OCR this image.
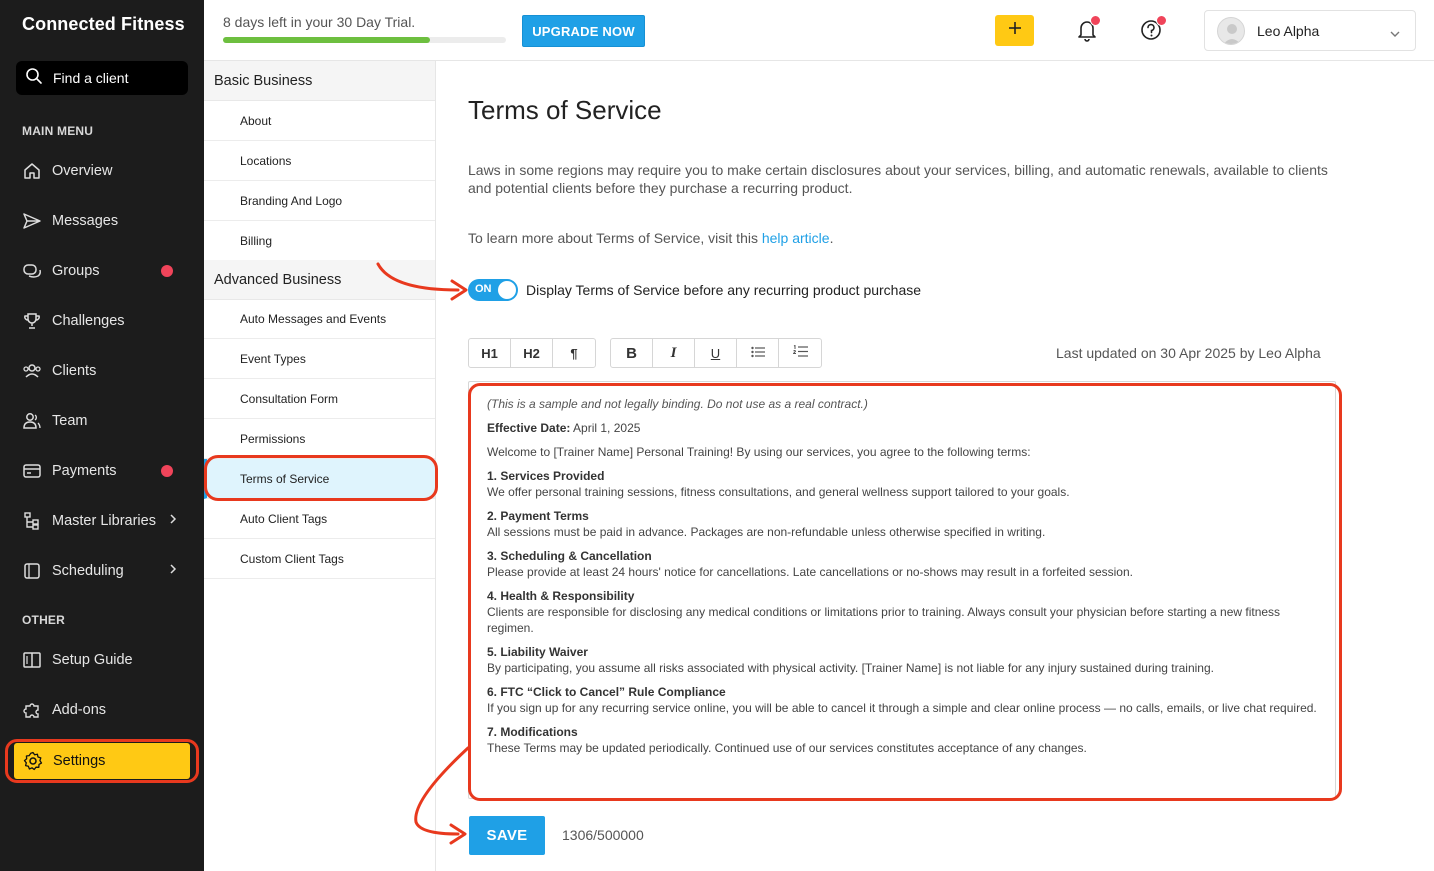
Connected Fitness
Find a client
MAIN MENU
Overview
Messages
Groups
Challenges
Clients
Team
Payments
Master Libraries
Scheduling
OTHER
Setup Guide
Add-ons
Settings
8 days left in your 30 Day Trial.
UPGRADE NOW	Leo Alpha
Basic Business
About
Locations
Branding And Logo
Billing
Advanced Business
Auto Messages and Events
Event Types
Consultation Form
Permissions
Terms of Service
Auto Client Tags
Custom Client Tags
Terms of Service

Laws in some regions may require you to make certain disclosures about your services, billing, and automatic renewals, available to clients and potential clients before they purchase a recurring product.

To learn more about Terms of Service, visit this help article.

ON Display Terms of Service before any recurring product purchase
H1	H2	¶	B	I	U	Last updated on 30 Apr 2025 by Leo Alpha

(This is a sample and not legally binding. Do not use as a real contract.)

Effective Date: April 1, 2025

Welcome to [Trainer Name] Personal Training! By using our services, you agree to the following terms:

1. Services Provided
We offer personal training sessions, fitness consultations, and general wellness support tailored to your goals.

2. Payment Terms
All sessions must be paid in advance. Packages are non-refundable unless otherwise specified in writing.

3. Scheduling & Cancellation
Please provide at least 24 hours' notice for cancellations. Late cancellations or no-shows may result in a forfeited session.

4. Health & Responsibility
Clients are responsible for disclosing any medical conditions or limitations prior to training. Always consult your physician before starting a new fitness regimen.

5. Liability Waiver
By participating, you assume all risks associated with physical activity. [Trainer Name] is not liable for any injury sustained during training.

6. FTC “Click to Cancel” Rule Compliance
If you sign up for any recurring service online, you will be able to cancel it through a simple and clear online process — no calls, emails, or live chat required.

7. Modifications
These Terms may be updated periodically. Continued use of our services constitutes acceptance of any changes.

SAVE	1306/500000
